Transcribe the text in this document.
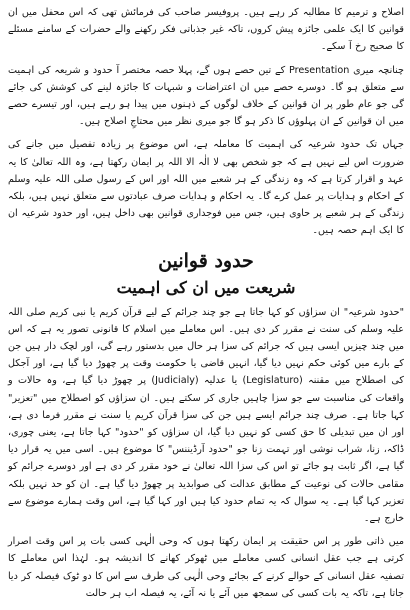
اصلاح و ترمیم کا مطالبہ کر رہے ہیں۔ پروفیسر صاحب کی فرمائش تھی کہ اس محفل میں ان قوانین کا ایک علمی جائزہ پیش کروں، تاکہ غیر جذباتی فکر رکھنے والے حضرات کے سامنے مسئلے کا صحیح رخ آ سکے۔

چنانچہ میری Presentation کے تین حصے ہوں گے، پہلا حصہ مختصر آ حدود و شریعہ کی اہمیت سے متعلق ہو گا۔ دوسرے حصے میں ان اعتراضات و شبہات کا جائزہ لینے کی کوشش کی جائے گی جو عام طور پر ان قوانین کے خلاف لوگوں کے ذہنوں میں پیدا ہو رہے ہیں، اور تیسرے حصے میں ان قوانین کے ان پہلوؤں کا ذکر ہو گا جو میری نظر میں محتاجِ اصلاح ہیں۔

جہاں تک حدود شرعیہ کی اہمیت کا معاملہ ہے، اس موضوع پر زیادہ تفصیل میں جانے کی ضرورت اس لیے نہیں ہے کہ جو شخص بھی لا الٰہ الا اللہ پر ایمان رکھتا ہے، وہ اللہ تعالیٰ کا یہ عہد و اقرار کرتا ہے کہ وہ زندگی کے ہر شعبے میں اللہ اور اس کے رسول صلی اللہ علیہ وسلم کے احکام و ہدایات پر عمل کرے گا۔ یہ احکام و ہدایات صرف عبادتوں سے متعلق نہیں ہیں، بلکہ زندگی کے ہر شعبے پر حاوی ہیں، جس میں فوجداری قوانین بھی داخل ہیں، اور حدود شرعیہ ان کا ایک اہم حصہ ہیں۔

حدود قوانین
شریعت میں ان کی اہمیت

"حدود شرعیہ" ان سزاؤں کو کہا جاتا ہے جو چند جرائم کے لیے قرآن کریم یا نبی کریم صلی اللہ علیہ وسلم کی سنت نے مقرر کر دی ہیں۔ اس معاملے میں اسلام کا قانونی تصور یہ ہے کہ اس میں چند چیزیں ایسی ہیں کہ جرائم کی سزا ہر حال میں بدستور رہے گی، اور لچک دار ہیں جن کے بارے میں کوئی حکم نہیں دیا گیا، انہیں قاضی یا حکومت وقت پر چھوڑ دیا گیا ہے، اور آجکل کی اصطلاح میں مقننہ (Legislaturo) یا عدلیہ (Judicialy) پر چھوڑ دیا گیا ہے، وہ حالات و واقعات کی مناسبت سے جو سزا چاہیں جاری کر سکتے ہیں۔ ان سزاؤں کو اصطلاح میں "تعزیر" کہا جاتا ہے۔ صرف چند جرائم ایسے ہیں جن کی سزا قرآن کریم یا سنت نے مقرر فرما دی ہے، اور ان میں تبدیلی کا حق کسی کو نہیں دیا گیا، ان سزاؤں کو "حدود" کہا جاتا ہے، یعنی چوری، ڈاکہ، زنا، شراب نوشی اور تہمت زنا جو "حدود آرڈیننس" کا موضوع ہیں۔ اسی میں یہ قرار دیا گیا ہے، اگر ثابت ہو جائے تو اس کی سزا اللہ تعالیٰ نے خود مقرر کر دی ہے اور دوسرے جرائم کو مقامی حالات کی نوعیت کے مطابق عدالت کی صوابدید پر چھوڑ دیا گیا ہے۔ ان کو حد نہیں بلکہ تعزیر کہا گیا ہے۔ یہ سوال کہ یہ تمام حدود کیا ہیں اور کہا گیا ہے، اس وقت ہمارے موضوع سے خارج ہے۔

میں ذاتی طور پر اس حقیقت پر ایمان رکھتا ہوں کہ وحی الٰہی کسی بات پر اس وقت اصرار کرتی ہے جب عقل انسانی کسی معاملے میں ٹھوکر کھانے کا اندیشہ ہو۔ لہٰذا اس معاملے کا تصفیہ عقل انسانی کے حوالے کرنے کے بجائے وحی الٰہی کی طرف سے اس کا دو ٹوک فیصلہ کر دیا جاتا ہے، تاکہ یہ بات کسی کی سمجھ میں آئے یا نہ آئے، یہ فیصلہ اب ہر حالت
